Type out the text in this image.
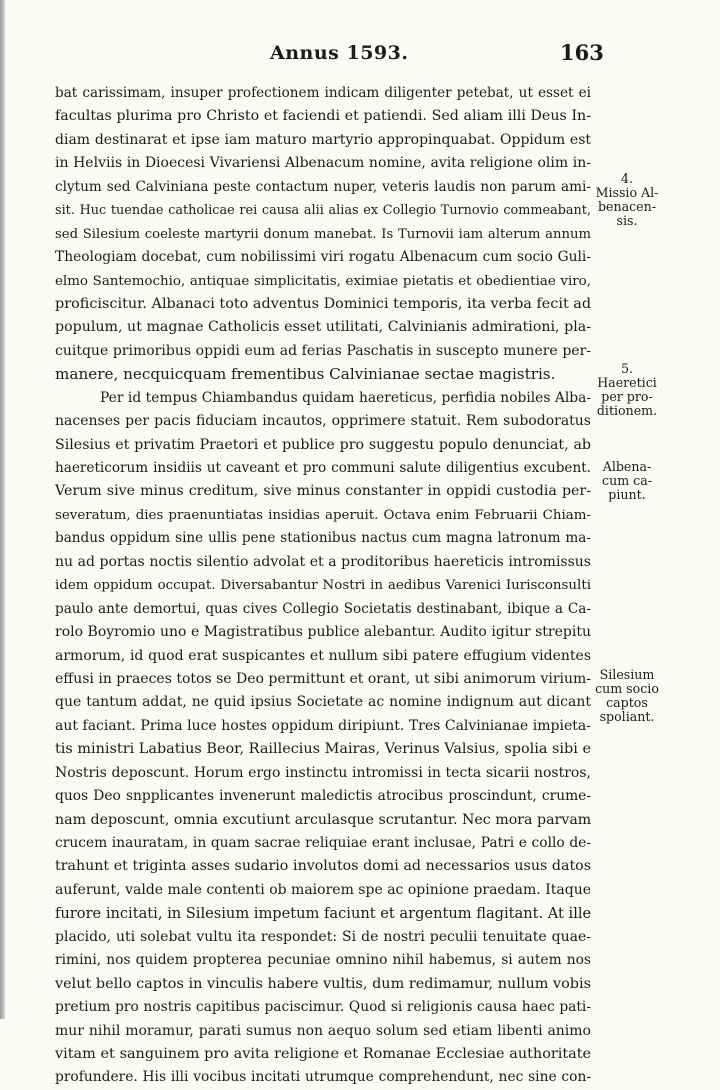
Annus 1593.	163
bat carissimam, insuper profectionem indicam diligenter petebat, ut esset ei
facultas plurima pro Christo et faciendi et patiendi. Sed aliam illi Deus In-
diam destinarat et ipse iam maturo martyrio appropinquabat. Oppidum est
in Helviis in Dioecesi Vivariensi Albenacum nomine, avita religione olim in-
clytum sed Calviniana peste contactum nuper, veteris laudis non parum ami-
sit. Huc tuendae catholicae rei causa alii alias ex Collegio Turnovio commeabant,
sed Silesium coeleste martyrii donum manebat. Is Turnovii iam alterum annum
Theologiam docebat, cum nobilissimi viri rogatu Albenacum cum socio Guli-
elmo Santemochio, antiquae simplicitatis, eximiae pietatis et obedientiae viro,
proficiscitur. Albanaci toto adventus Dominici temporis, ita verba fecit ad
populum, ut magnae Catholicis esset utilitati, Calvinianis admirationi, pla-
cuitque primoribus oppidi eum ad ferias Paschatis in suscepto munere per-
manere, necquicquam frementibus Calvinianae sectae magistris.
Per id tempus Chiambandus quidam haereticus, perfidia nobiles Alba-
nacenses per pacis fiduciam incautos, opprimere statuit. Rem subodoratus
Silesius et privatim Praetori et publice pro suggestu populo denunciat, ab
haereticorum insidiis ut caveant et pro communi salute diligentius excubent.
Verum sive minus creditum, sive minus constanter in oppidi custodia per-
severatum, dies praenuntiatas insidias aperuit. Octava enim Februarii Chiam-
bandus oppidum sine ullis pene stationibus nactus cum magna latronum ma-
nu ad portas noctis silentio advolat et a proditoribus haereticis intromissus
idem oppidum occupat. Diversabantur Nostri in aedibus Varenici Iurisconsulti
paulo ante demortui, quas cives Collegio Societatis destinabant, ibique a Ca-
rolo Boyromio uno e Magistratibus publice alebantur. Audito igitur strepitu
armorum, id quod erat suspicantes et nullum sibi patere effugium videntes
effusi in praeces totos se Deo permittunt et orant, ut sibi animorum virium-
que tantum addat, ne quid ipsius Societate ac nomine indignum aut dicant
aut faciant. Prima luce hostes oppidum diripiunt. Tres Calvinianae impieta-
tis ministri Labatius Beor, Raillecius Mairas, Verinus Valsius, spolia sibi e
Nostris deposcunt. Horum ergo instinctu intromissi in tecta sicarii nostros,
quos Deo snpplicantes invenerunt maledictis atrocibus proscindunt, crume-
nam deposcunt, omnia excutiunt arculasque scrutantur. Nec mora parvam
crucem inauratam, in quam sacrae reliquiae erant inclusae, Patri e collo de-
trahunt et triginta asses sudario involutos domi ad necessarios usus datos
auferunt, valde male contenti ob maiorem spe ac opinione praedam. Itaque
furore incitati, in Silesium impetum faciunt et argentum flagitant. At ille
placido, uti solebat vultu ita respondet: Si de nostri peculii tenuitate quae-
rimini, nos quidem propterea pecuniae omnino nihil habemus, si autem nos
velut bello captos in vinculis habere vultis, dum redimamur, nullum vobis
pretium pro nostris capitibus paciscimur. Quod si religionis causa haec pati-
mur nihil moramur, parati sumus non aequo solum sed etiam libenti animo
vitam et sanguinem pro avita religione et Romanae Ecclesiae authoritate
profundere. His illi vocibus incitati utrumque comprehendunt, nec sine con-
4.
Missio Al-
benacen-
sis.
5.
Haeretici
per pro-
ditionem.
Albena-
cum ca-
piunt.
Silesium
cum socio
captos
spoliant.
